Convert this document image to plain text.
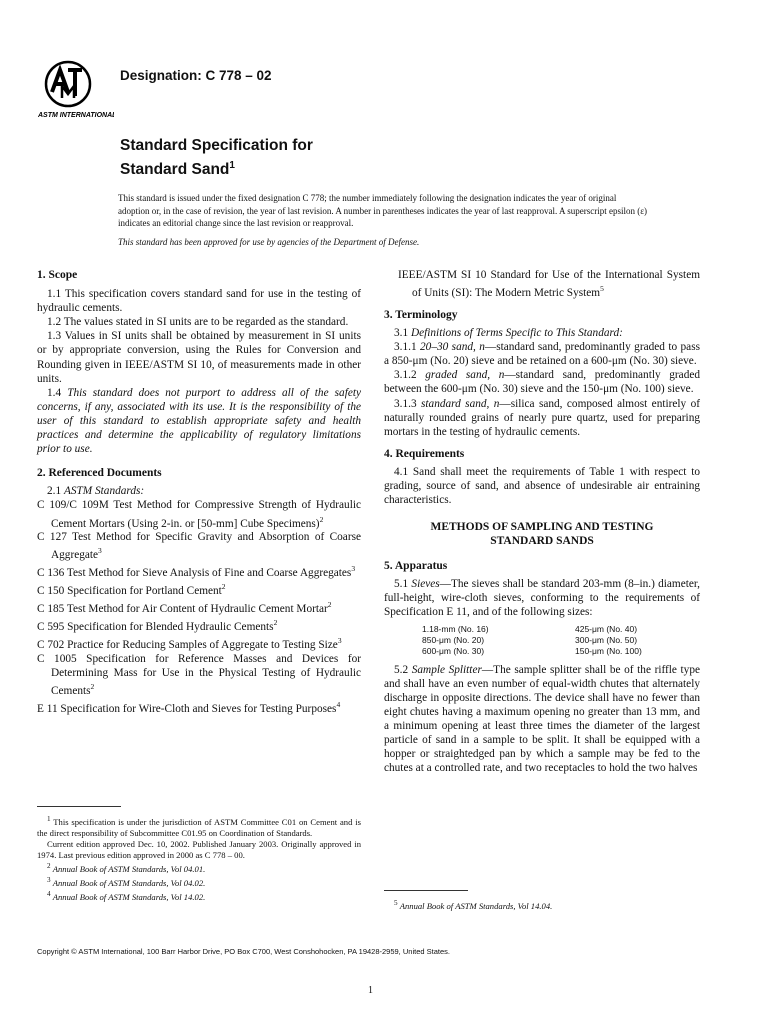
ASTM INTERNATIONAL
Designation: C 778 – 02
Standard Specification for
Standard Sand$^1$

This standard is issued under the fixed designation C 778; the number immediately following the designation indicates the year of original adoption or, in the case of revision, the year of last revision. A number in parentheses indicates the year of last reapproval. A superscript epsilon (ε) indicates an editorial change since the last revision or reapproval.

This standard has been approved for use by agencies of the Department of Defense.

1. Scope

1.1 This specification covers standard sand for use in the testing of hydraulic cements.

1.2 The values stated in SI units are to be regarded as the standard.

1.3 Values in SI units shall be obtained by measurement in SI units or by appropriate conversion, using the Rules for Conversion and Rounding given in IEEE/ASTM SI 10, of measurements made in other units.

1.4 This standard does not purport to address all of the safety concerns, if any, associated with its use. It is the responsibility of the user of this standard to establish appropriate safety and health practices and determine the applicability of regulatory limitations prior to use.

2. Referenced Documents

2.1 ASTM Standards:

C 109/C 109M Test Method for Compressive Strength of Hydraulic Cement Mortars (Using 2-in. or [50-mm] Cube Specimens)$^2$

C 127 Test Method for Specific Gravity and Absorption of Coarse Aggregate$^3$

C 136 Test Method for Sieve Analysis of Fine and Coarse Aggregates$^3$

C 150 Specification for Portland Cement$^2$

C 185 Test Method for Air Content of Hydraulic Cement Mortar$^2$

C 595 Specification for Blended Hydraulic Cements$^2$

C 702 Practice for Reducing Samples of Aggregate to Testing Size$^3$

C 1005 Specification for Reference Masses and Devices for Determining Mass for Use in the Physical Testing of Hydraulic Cements$^2$

E 11 Specification for Wire-Cloth and Sieves for Testing Purposes$^4$

$^1$ This specification is under the jurisdiction of ASTM Committee C01 on Cement and is the direct responsibility of Subcommittee C01.95 on Coordination of Standards.

Current edition approved Dec. 10, 2002. Published January 2003. Originally approved in 1974. Last previous edition approved in 2000 as C 778 – 00.

$^2$ Annual Book of ASTM Standards, Vol 04.01.

$^3$ Annual Book of ASTM Standards, Vol 04.02.

$^4$ Annual Book of ASTM Standards, Vol 14.02.

IEEE/ASTM SI 10 Standard for Use of the International System of Units (SI): The Modern Metric System$^5$

3. Terminology

3.1 Definitions of Terms Specific to This Standard:

3.1.1 20–30 sand, n—standard sand, predominantly graded to pass a 850-μm (No. 20) sieve and be retained on a 600-μm (No. 30) sieve.

3.1.2 graded sand, n—standard sand, predominantly graded between the 600-μm (No. 30) sieve and the 150-μm (No. 100) sieve.

3.1.3 standard sand, n—silica sand, composed almost entirely of naturally rounded grains of nearly pure quartz, used for preparing mortars in the testing of hydraulic cements.

4. Requirements

4.1 Sand shall meet the requirements of Table 1 with respect to grading, source of sand, and absence of undesirable air entraining characteristics.

METHODS OF SAMPLING AND TESTING
STANDARD SANDS
5. Apparatus

5.1 Sieves—The sieves shall be standard 203-mm (8–in.) diameter, full-height, wire-cloth sieves, conforming to the requirements of Specification E 11, and of the following sizes:

1.18-mm (No. 16)	425-μm (No. 40)
850-μm (No. 20)	300-μm (No. 50)
600-μm (No. 30)	150-μm (No. 100)

5.2 Sample Splitter—The sample splitter shall be of the riffle type and shall have an even number of equal-width chutes that alternately discharge in opposite directions. The device shall have no fewer than eight chutes having a maximum opening no greater than 13 mm, and a minimum opening at least three times the diameter of the largest particle of sand in a sample to be split. It shall be equipped with a hopper or straightedged pan by which a sample may be fed to the chutes at a controlled rate, and two receptacles to hold the two halves

$^5$ Annual Book of ASTM Standards, Vol 14.04.

Copyright © ASTM International, 100 Barr Harbor Drive, PO Box C700, West Conshohocken, PA 19428-2959, United States.
1
